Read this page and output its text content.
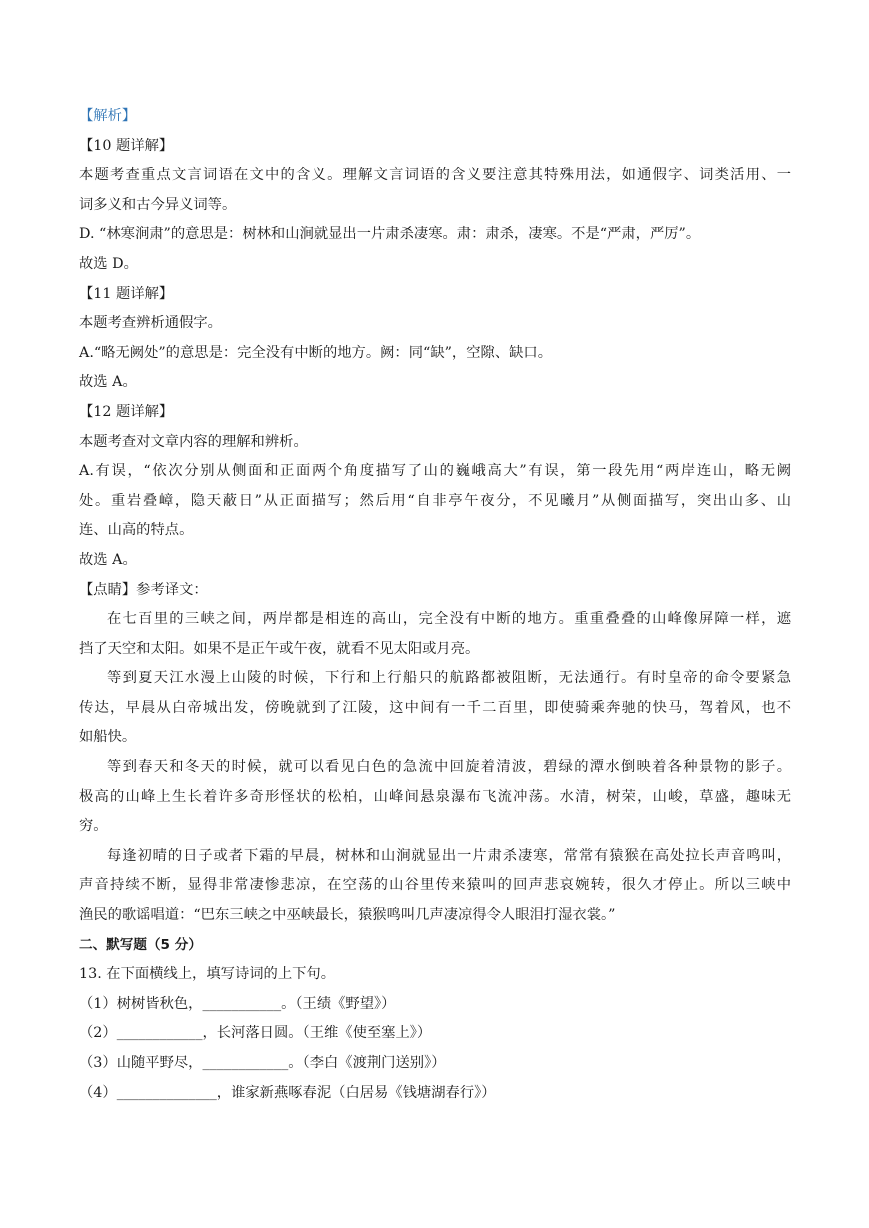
【解析】
【10 题详解】
本题考查重点文言词语在文中的含义。理解文言词语的含义要注意其特殊用法，如通假字、词类活用、一
词多义和古今异义词等。
D. “林寒涧肃”的意思是：树林和山涧就显出一片肃杀凄寒。肃：肃杀，凄寒。不是“严肃，严厉”。
故选 D。
【11 题详解】
本题考查辨析通假字。
A.“略无阙处”的意思是：完全没有中断的地方。阙：同“缺”，空隙、缺口。
故选 A。
【12 题详解】
本题考查对文章内容的理解和辨析。
A.有误，“依次分别从侧面和正面两个角度描写了山的巍峨高大”有误，第一段先用“两岸连山，略无阙
处。重岩叠嶂，隐天蔽日”从正面描写；然后用“自非亭午夜分，不见曦月”从侧面描写，突出山多、山
连、山高的特点。
故选 A。
【点睛】参考译文：
在七百里的三峡之间，两岸都是相连的高山，完全没有中断的地方。重重叠叠的山峰像屏障一样，遮
挡了天空和太阳。如果不是正午或午夜，就看不见太阳或月亮。
等到夏天江水漫上山陵的时候，下行和上行船只的航路都被阻断，无法通行。有时皇帝的命令要紧急
传达，早晨从白帝城出发，傍晚就到了江陵，这中间有一千二百里，即使骑乘奔驰的快马，驾着风，也不
如船快。
等到春天和冬天的时候，就可以看见白色的急流中回旋着清波，碧绿的潭水倒映着各种景物的影子。
极高的山峰上生长着许多奇形怪状的松柏，山峰间悬泉瀑布飞流冲荡。水清，树荣，山峻，草盛，趣味无
穷。
每逢初晴的日子或者下霜的早晨，树林和山涧就显出一片肃杀凄寒，常常有猿猴在高处拉长声音鸣叫，
声音持续不断，显得非常凄惨悲凉，在空荡的山谷里传来猿叫的回声悲哀婉转，很久才停止。所以三峡中
渔民的歌谣唱道：“巴东三峡之中巫峡最长，猿猴鸣叫几声凄凉得令人眼泪打湿衣裳。”
二、默写题（5 分）
13. 在下面横线上，填写诗词的上下句。
（1）树树皆秋色，___________。（王绩《野望》）
（2）____________，长河落日圆。（王维《使至塞上》）
（3）山随平野尽，____________。（李白《渡荆门送别》）
（4）______________，谁家新燕啄春泥（白居易《钱塘湖春行》）
